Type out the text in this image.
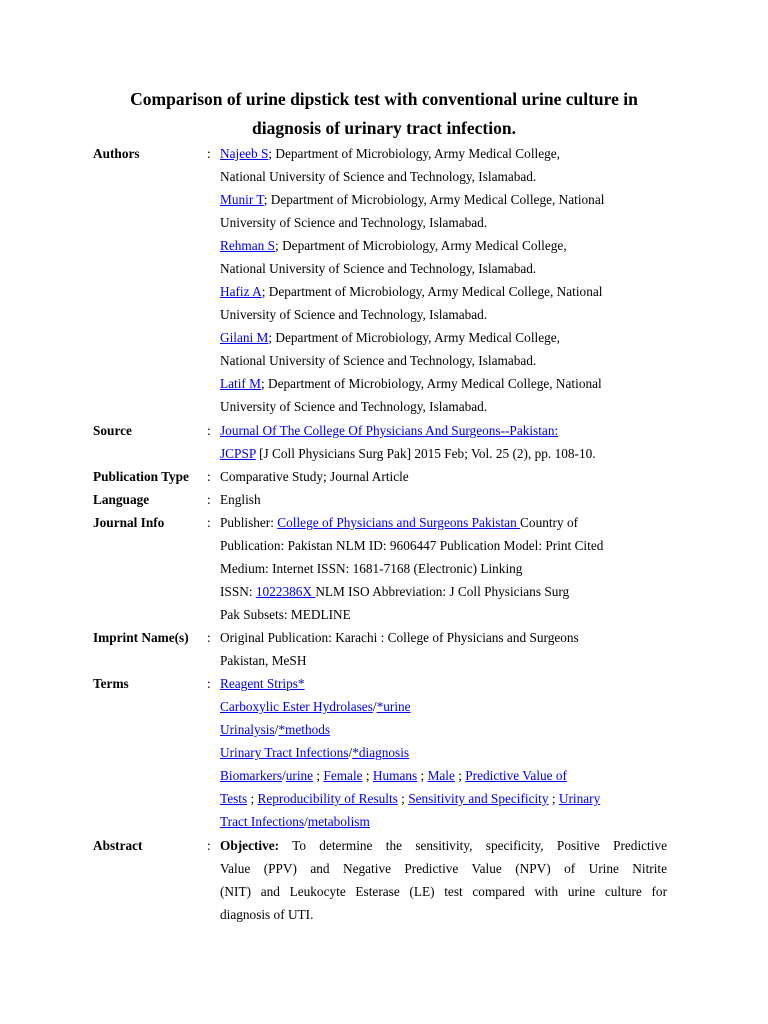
Comparison of urine dipstick test with conventional urine culture in
diagnosis of urinary tract infection.
Authors	: Najeeb S; Department of Microbiology, Army Medical College,
National University of Science and Technology, Islamabad.
Munir T; Department of Microbiology, Army Medical College, National
University of Science and Technology, Islamabad.
Rehman S; Department of Microbiology, Army Medical College,
National University of Science and Technology, Islamabad.
Hafiz A; Department of Microbiology, Army Medical College, National
University of Science and Technology, Islamabad.
Gilani M; Department of Microbiology, Army Medical College,
National University of Science and Technology, Islamabad.
Latif M; Department of Microbiology, Army Medical College, National
University of Science and Technology, Islamabad.
Source	: Journal Of The College Of Physicians And Surgeons--Pakistan:
JCPSP [J Coll Physicians Surg Pak] 2015 Feb; Vol. 25 (2), pp. 108-10.
Publication Type : Comparative Study; Journal Article
Language	: English
Journal Info	: Publisher: College of Physicians and Surgeons Pakistan Country of
Publication: Pakistan NLM ID: 9606447 Publication Model: Print Cited
Medium: Internet ISSN: 1681-7168 (Electronic) Linking
ISSN: 1022386X NLM ISO Abbreviation: J Coll Physicians Surg
Pak Subsets: MEDLINE
Imprint Name(s) : Original Publication: Karachi : College of Physicians and Surgeons
Pakistan, MeSH
Terms	: Reagent Strips*
Carboxylic Ester Hydrolases/*urine
Urinalysis/*methods
Urinary Tract Infections/*diagnosis
Biomarkers/urine ; Female ; Humans ; Male ; Predictive Value of
Tests ; Reproducibility of Results ; Sensitivity and Specificity ; Urinary
Tract Infections/metabolism
Abstract	: Objective: To determine the sensitivity, specificity, Positive Predictive
Value (PPV) and Negative Predictive Value (NPV) of Urine Nitrite
(NIT) and Leukocyte Esterase (LE) test compared with urine culture for
diagnosis of UTI.
